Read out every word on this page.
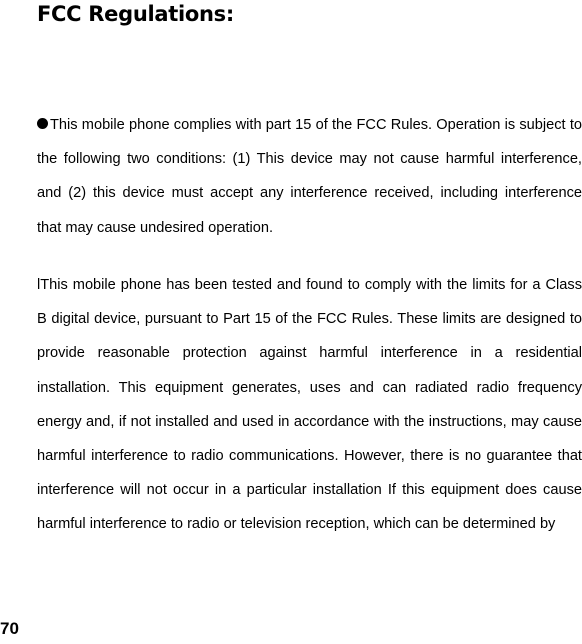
FCC Regulations:

This mobile phone complies with part 15 of the FCC Rules. Operation is subject to the following two conditions: (1) This device may not cause harmful interference, and (2) this device must accept any interference received, including interference that may cause undesired operation.

lThis mobile phone has been tested and found to comply with the limits for a Class B digital device, pursuant to Part 15 of the FCC Rules. These limits are designed to provide reasonable protection against harmful interference in a residential installation. This equipment generates, uses and can radiated radio frequency energy and, if not installed and used in accordance with the instructions, may cause harmful interference to radio communications. However, there is no guarantee that interference will not occur in a particular installation If this equipment does cause harmful interference to radio or television reception, which can be determined by

70
